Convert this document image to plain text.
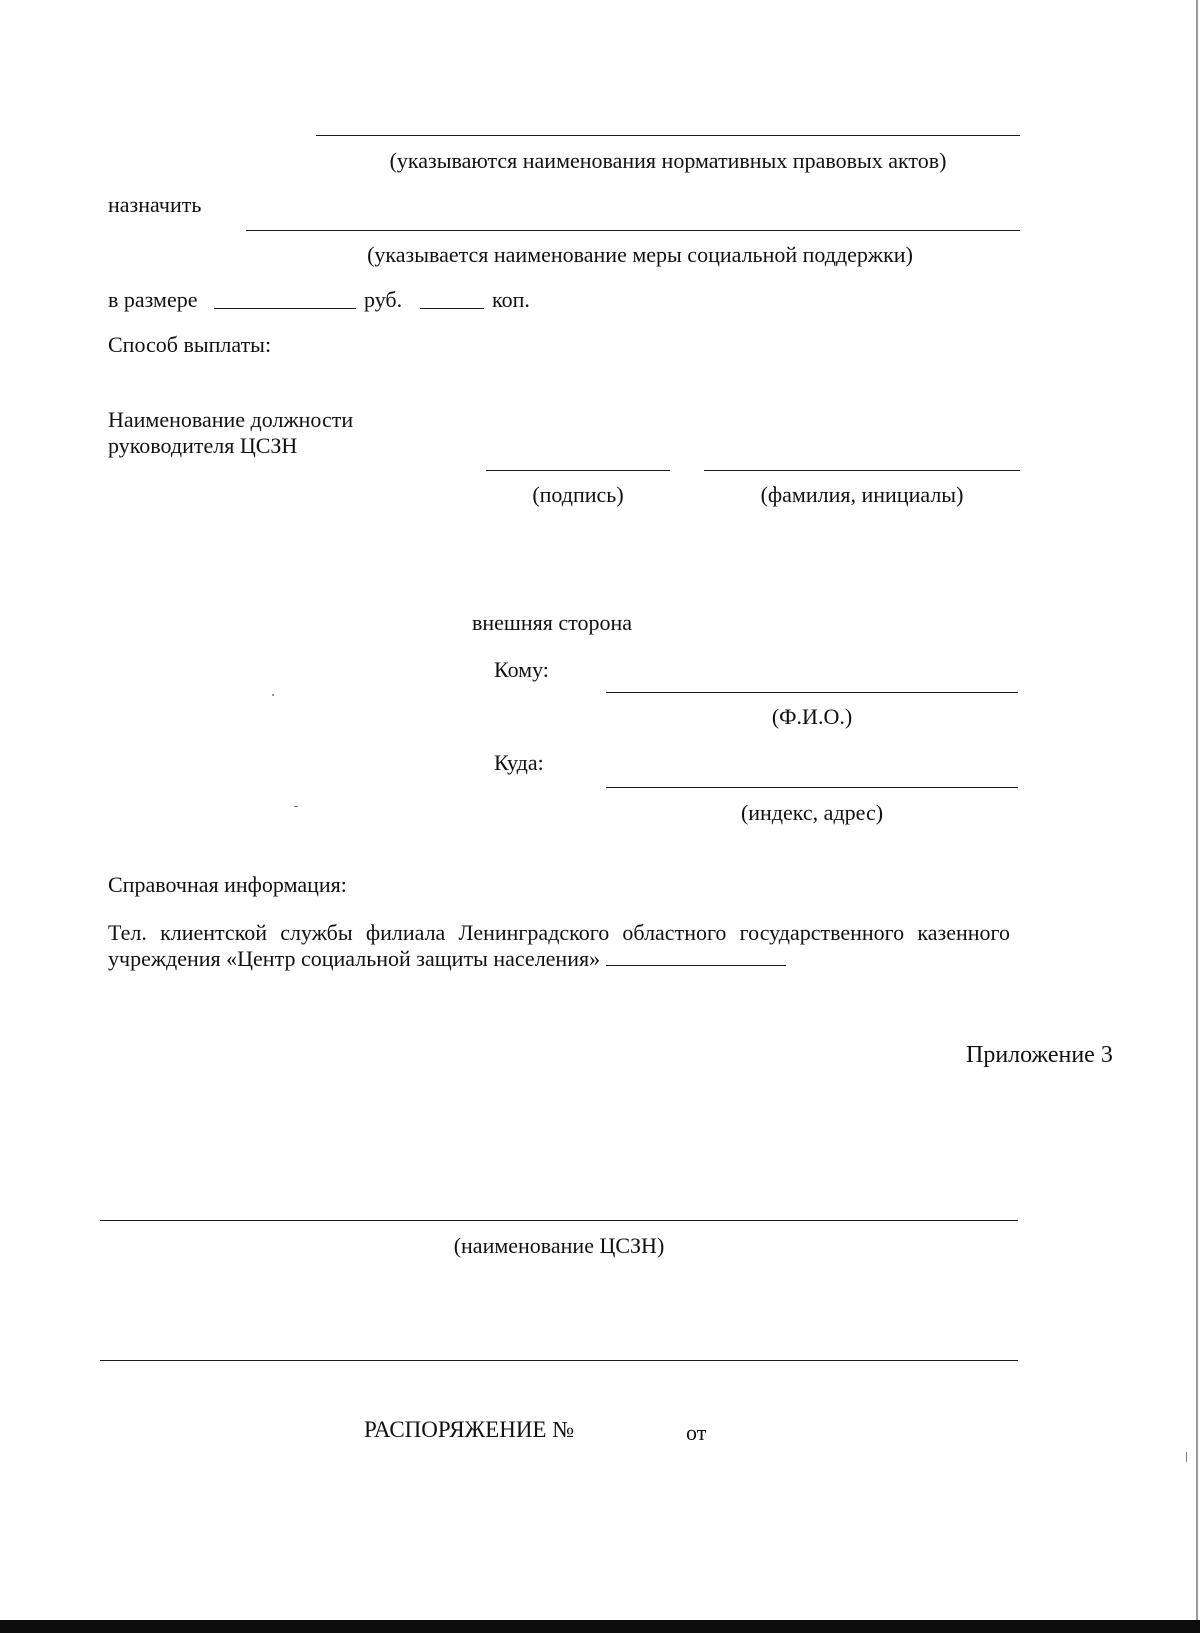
(указываются наименования нормативных правовых актов)

назначить

(указывается наименование меры социальной поддержки)

в размере	руб.	коп.

Способ выплаты:

Наименование должности

руководителя ЦСЗН

(подпись)	(фамилия, инициалы)

внешняя сторона

Кому:

(Ф.И.О.)

Куда:

(индекс, адрес)

Справочная информация:

Тел. клиентской службы филиала Ленинградского областного государственного казенного учреждения «Центр социальной защиты населения»

Приложение 3

(наименование ЦСЗН)

РАСПОРЯЖЕНИЕ №	от
